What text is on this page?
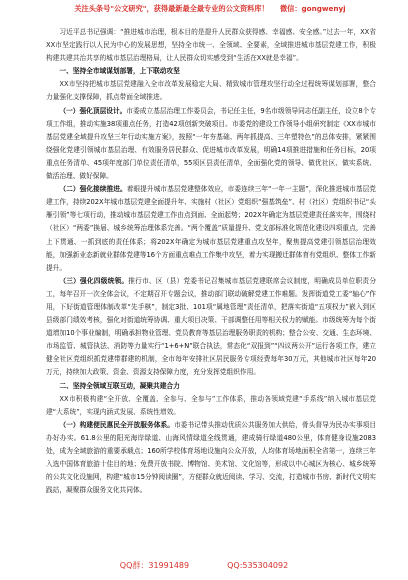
关注头条号"公文研究"，获得最新最全最专业的公文资料库！　 微信：gongwenyj

习近平总书记强调：“推进城市治理，根本目的是提升人民群众获得感、幸福感、安全感。”过去一年，XX省XX市坚定践行以人民为中心的发展思想，坚持全市统一、全领域、全要素，全域推进城市基层党建工作，积极构建共建共治共享的城市基层治理格局，让人民群众切实感受到“生活在XX就是幸福”。

一、坚持全市域谋划部署，上下联动攻坚

XX市坚持把城市基层党建融入全市改革发展稳定大局、精致城市管理攻坚行动全过程统筹谋划部署，整合力量强化支撑保障，抓点带面全域推进。

（一）强化顶层设计。市委成立基层治理工作委员会，书记任主任，9名市级领导同志任副主任，设立8个专项工作组，推动实施38项重点任务，打造42项创新突破项目。市委党的建设工作领导小组研究制定《XX市城市基层党建全域提升攻坚三年行动实施方案》，按照“一年夯基础、两年抓提高、三年塑特色”的总体安排，紧紧围绕强化党建引领城市基层治理、有效服务居民群众、促进城市改革发展，明确14项推进措施和任务目标，20项重点任务清单、45项年度部门单位责任清单，55项区县责任清单，全面强化党的领导、做优社区、做实系统、做活治理、做好保障。

（二）强化接续推进。着眼提升城市基层党建整体效应，市委连续三年“一年一主题”，深化推进城市基层党建工作，持续202X年城市基层党建全面提升年、实施村（社区）党组织“强基筑垒”、村（社区）党组织书记“头雁引领”等七项行动，推动城市基层党建工作由点到面、全面起势；202X年确定为基层党建责任落实年，围绕村（社区）“两委”换届、城乡统筹治理体系完善。“两个覆盖”质量提升、党支部标准化规范化建设四项重点，完善上下贯通、一抓到底的责任体系；将202X年确定为城市基层党建重点攻坚年，聚焦提高党建引领基层治理效能，加强新业态新就业群体党建等16个方面重点难点工作集中攻坚，着力实现搬迁群体育有党组织、整体工作新提升。

（三）强化四级统领。推行市、区（县）党委书记召集城市基层党建联席会议制度，明确成员单位职责分工，每年召开一次全体会议，不定期召开专题会议，推动部门联动破解党建工作难题。发挥街道党工委“轴心”作用，下好街道管理体制改革“先手棋”，制定3批、101项“属地管理”责任清单，把落实街道“五项权力”嵌入到区县级部门绩效考核，强化对街道统筹协调、重大项目决策、干部调整任用等相关权力的赋能。市级统筹为每个街道增加10个事业编制，明确承担物业管理、党员教育等基层治理服务职责的机构；整合公安、交通、生态环境、市场监管、城管执法、消防等力量实行“1+6+N”联合执法，常态化“双报到”“四议两公开”运行各项工作，建立健全社区党组织抓党建带群建的机制，全市每年安排社区居民服务专项经费每年30万元，其他城市社区每年20万元，持续加大政策、资金、资源支持保障力度，充分发挥党组织作用。

二、坚持全领域互联互动，凝聚共建合力

XX市积极构建“全开放、全覆盖、全参与、全参与”工作体系，推动各领域党建“手系线”纳入城市基层党建“大系统”，实现内涵式发展、系统性增效。

（一）构建便民惠民全开放服务体系。市委书记带头推动优质公共服务加大供给，骨头督导为民办实事项目办好办实。61.8公里的阳光海岸绿道、山海风情绿道全线贯通，建成骑行绿道480公里，体育健身设施2083处，成为全域旅游的重要承载点；160所学校体育场地设施向公众开放，人均体育场地面积全省第一，连续三年入选中国体育旅游十佳目的地；免费开放书院、博物馆、美术馆、文化馆等，形成以中心城区为核心、城乡统筹的公共文化设施网，构建“城市15分钟阅读圈”，方便群众就近阅读、学习、交流，打造城市书房、新时代文明实践站，凝聚群众服务文化共同体。

QQ群：31991489	QQ:535304092
